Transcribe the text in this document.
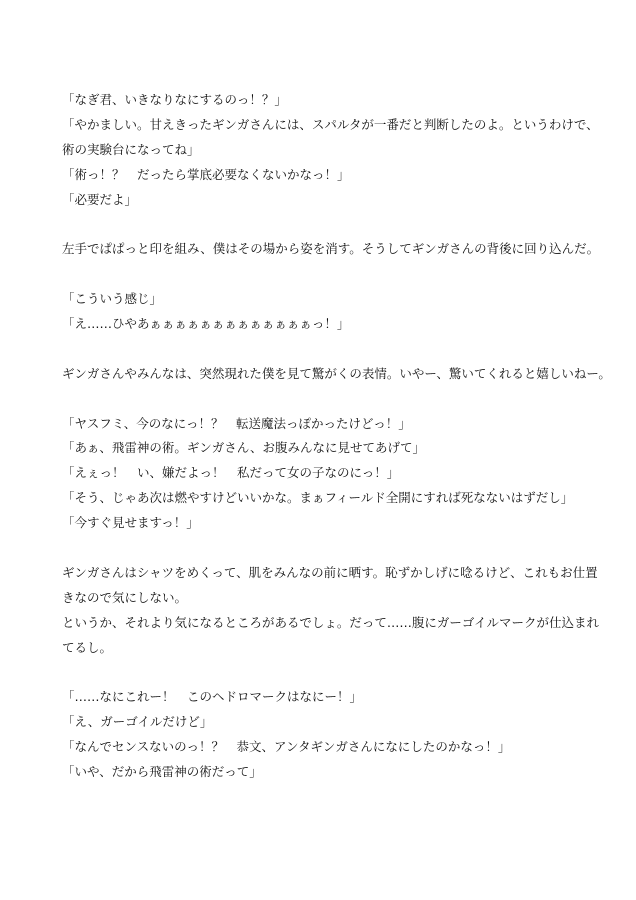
「なぎ君、いきなりなにするのっ！？」
「やかましい。甘えきったギンガさんには、スパルタが一番だと判断したのよ。というわけで、
術の実験台になってね」
「術っ！？　だったら掌底必要なくないかなっ！」
「必要だよ」
左手でぱぱっと印を組み、僕はその場から姿を消す。そうしてギンガさんの背後に回り込んだ。
「こういう感じ」
「え……ひやあぁぁぁぁぁぁぁぁぁぁぁぁぁっ！」
ギンガさんやみんなは、突然現れた僕を見て驚がくの表情。いやー、驚いてくれると嬉しいねー。
「ヤスフミ、今のなにっ！？　転送魔法っぽかったけどっ！」
「あぁ、飛雷神の術。ギンガさん、お腹みんなに見せてあげて」
「えぇっ！　い、嫌だよっ！　私だって女の子なのにっ！」
「そう、じゃあ次は燃やすけどいいかな。まぁフィールド全開にすれば死なないはずだし」
「今すぐ見せますっ！」
ギンガさんはシャツをめくって、肌をみんなの前に晒す。恥ずかしげに唸るけど、これもお仕置
きなので気にしない。
というか、それより気になるところがあるでしょ。だって……腹にガーゴイルマークが仕込まれ
てるし。
「……なにこれー！　このヘドロマークはなにー！」
「え、ガーゴイルだけど」
「なんでセンスないのっ！？　恭文、アンタギンガさんになにしたのかなっ！」
「いや、だから飛雷神の術だって」
